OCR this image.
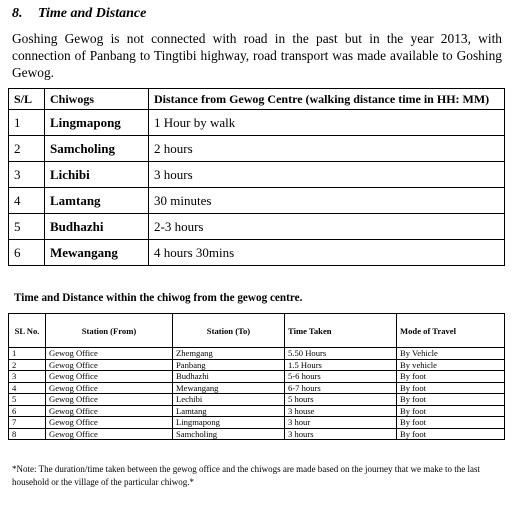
8. Time and Distance
Goshing Gewog is not connected with road in the past but in the year 2013, with connection of Panbang to Tingtibi highway, road transport was made available to Goshing Gewog.
S/L	Chiwogs	Distance from Gewog Centre (walking distance time in HH: MM)
1	Lingmapong	1 Hour by walk
2	Samcholing	2 hours
3	Lichibi	3 hours
4	Lamtang	30 minutes
5	Budhazhi	2-3 hours
6	Mewangang	4 hours 30mins
Time and Distance within the chiwog from the gewog centre.
SL No.	Station (From)	Station (To)	Time Taken	Mode of Travel
1	Gewog Office	Zhemgang	5.50 Hours	By Vehicle
2	Gewog Office	Panbang	1.5 Hours	By vehicle
3	Gewog Office	Budhazhi	5-6 hours	By foot
4	Gewog Office	Mewangang	6-7 hours	By foot
5	Gewog Office	Lechibi	5 hours	By foot
6	Gewog Office	Lamtang	3 house	By foot
7	Gewog Office	Lingmapong	3 hour	By foot
8	Gewog Office	Samcholing	3 hours	By foot
*Note: The duration/time taken between the gewog office and the chiwogs are made based on the journey that we make to the last household or the village of the particular chiwog.*
